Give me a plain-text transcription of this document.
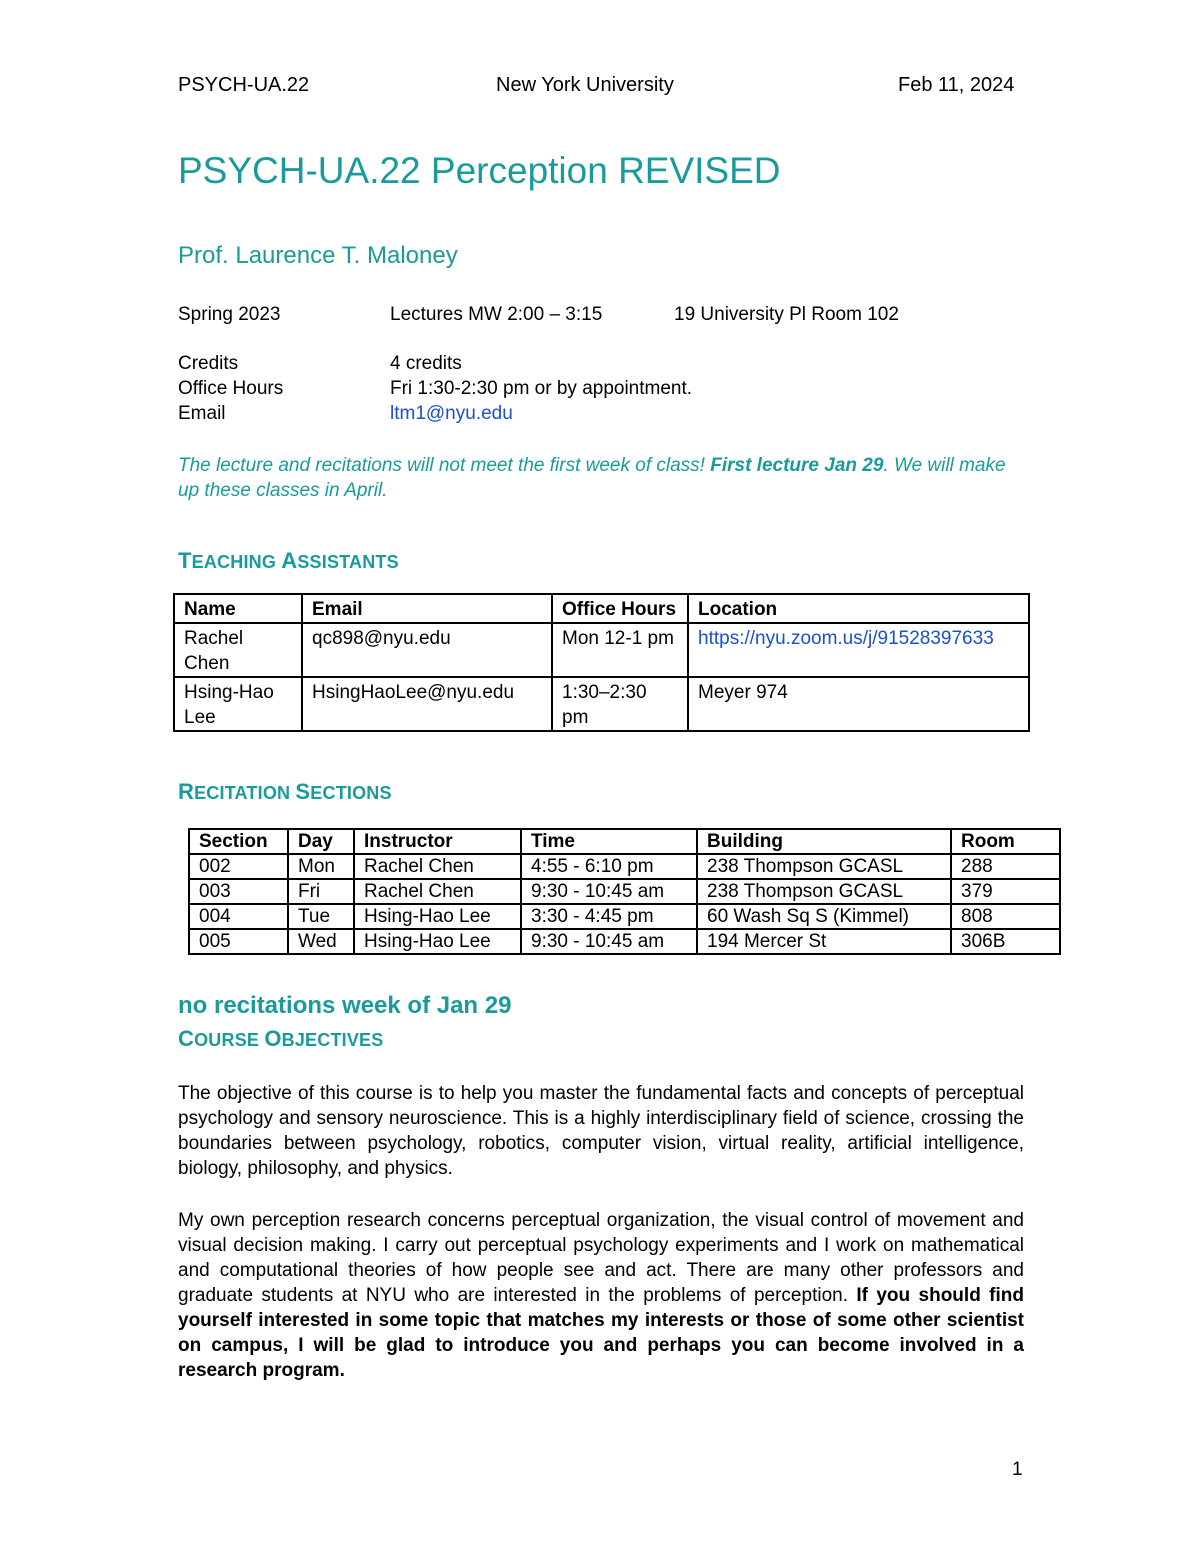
PSYCH-UA.22	New York University	Feb 11, 2024
PSYCH-UA.22 Perception REVISED
Prof. Laurence T. Maloney
Spring 2023	Lectures MW 2:00 – 3:15	19 University Pl Room 102
Credits	4 credits
Office Hours	Fri 1:30-2:30 pm or by appointment.
Email	ltm1@nyu.edu
The lecture and recitations will not meet the first week of class! First lecture Jan 29. We will make up these classes in April.
TEACHING ASSISTANTS
Name	Email	Office Hours	Location
Rachel Chen	qc898@nyu.edu	Mon 12-1 pm	https://nyu.zoom.us/j/91528397633
Hsing-Hao Lee	HsingHaoLee@nyu.edu	1:30–2:30 pm	Meyer 974
RECITATION SECTIONS
Section	Day	Instructor	Time	Building	Room
002	Mon	Rachel Chen	4:55 - 6:10 pm	238 Thompson GCASL	288
003	Fri	Rachel Chen	9:30 - 10:45 am	238 Thompson GCASL	379
004	Tue	Hsing-Hao Lee	3:30 - 4:45 pm	60 Wash Sq S (Kimmel)	808
005	Wed	Hsing-Hao Lee	9:30 - 10:45 am	194 Mercer St	306B
no recitations week of Jan 29
COURSE OBJECTIVES
The objective of this course is to help you master the fundamental facts and concepts of perceptual psychology and sensory neuroscience. This is a highly interdisciplinary field of science, crossing the boundaries between psychology, robotics, computer vision, virtual reality, artificial intelligence, biology, philosophy, and physics.
My own perception research concerns perceptual organization, the visual control of movement and visual decision making. I carry out perceptual psychology experiments and I work on mathematical and computational theories of how people see and act. There are many other professors and graduate students at NYU who are interested in the problems of perception. If you should find yourself interested in some topic that matches my interests or those of some other scientist on campus, I will be glad to introduce you and perhaps you can become involved in a research program.
1
